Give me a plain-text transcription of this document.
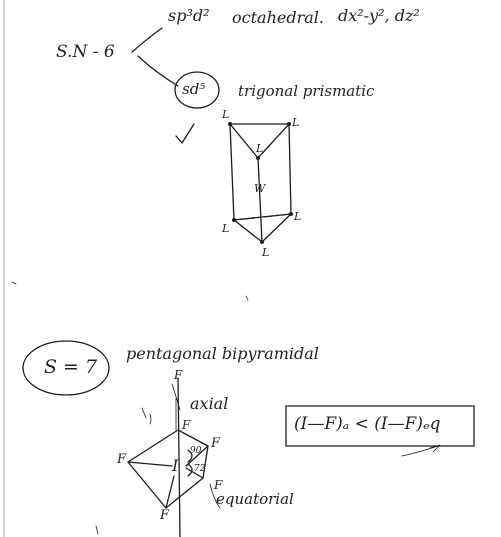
S.N - 6
sp³d² octahedral. dx²-y², dz²
sd⁵ trigonal prismatic
L
L
L
L
L
L
W
S = 7
pentagonal bipyramidal
F
axial
F
F
F
F
F
I
90
72
equatorial
(I—F)ₐ < (I—F)ₑq
